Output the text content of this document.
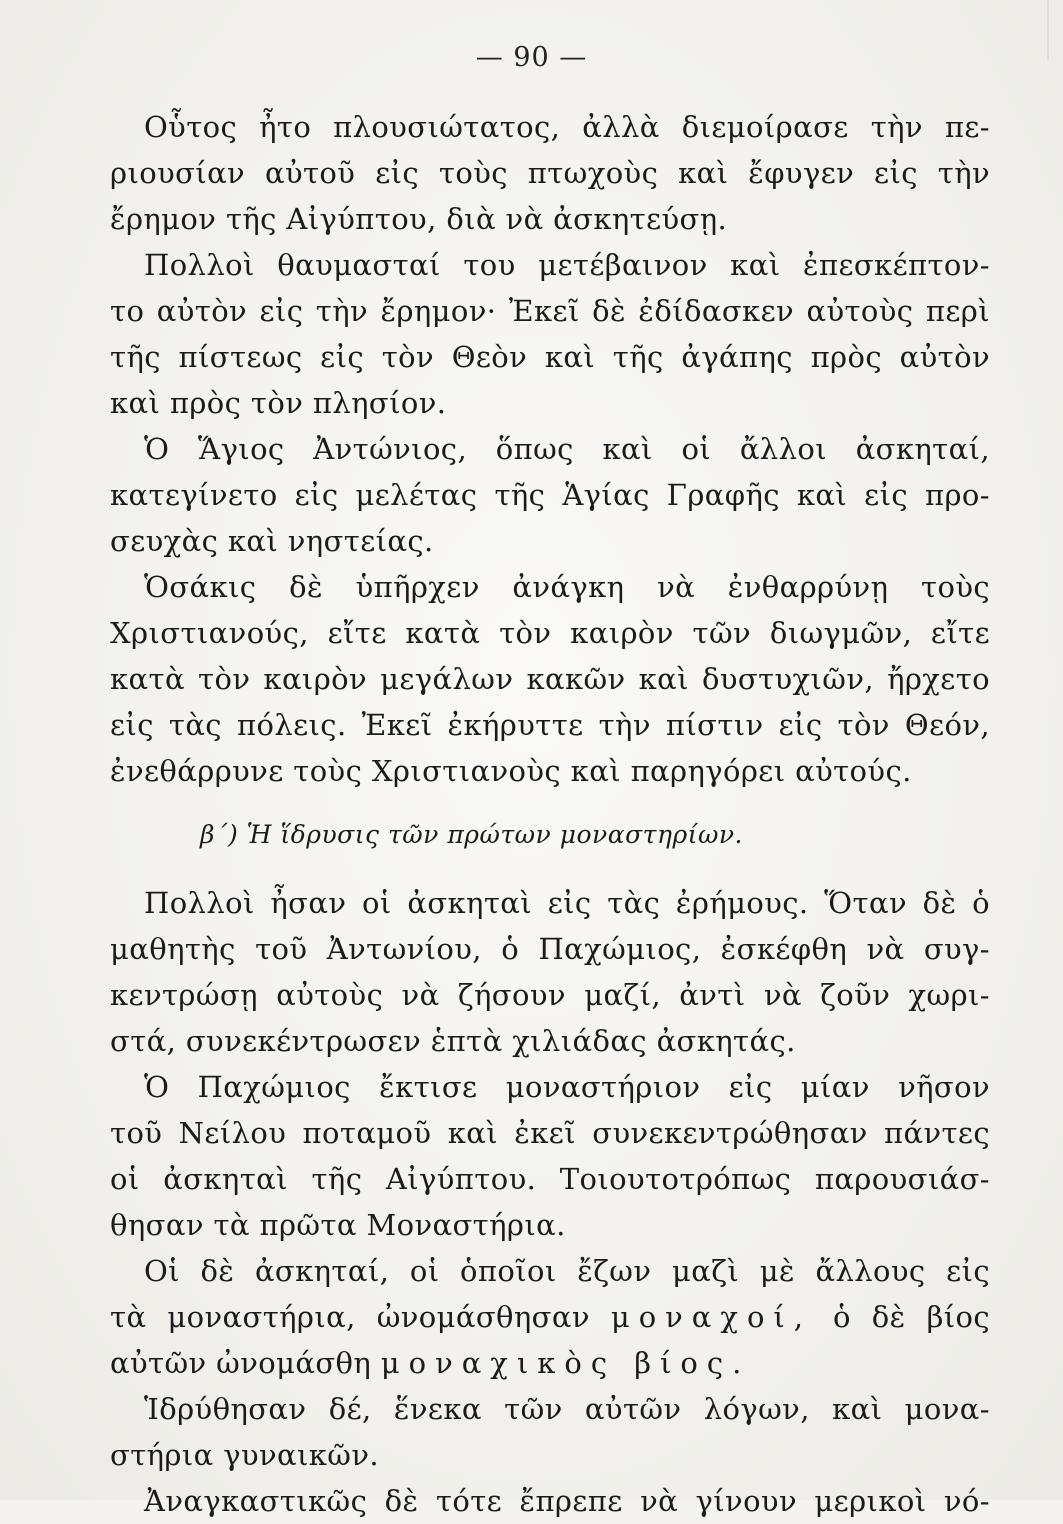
— 90 —
Οὗτος ἦτο πλουσιώτατος, ἀλλὰ διεμοίρασε τὴν πε-
ριουσίαν αὐτοῦ εἰς τοὺς πτωχοὺς καὶ ἔφυγεν εἰς τὴν
ἔρημον τῆς Αἰγύπτου, διὰ νὰ ἀσκητεύσῃ.
Πολλοὶ θαυμασταί του μετέβαινον καὶ ἐπεσκέπτον-
το αὐτὸν εἰς τὴν ἔρημον· Ἐκεῖ δὲ ἐδίδασκεν αὐτοὺς περὶ
τῆς πίστεως εἰς τὸν Θεὸν καὶ τῆς ἀγάπης πρὸς αὐτὸν
καὶ πρὸς τὸν πλησίον.
Ὁ Ἅγιος Ἀντώνιος, ὅπως καὶ οἱ ἄλλοι ἀσκηταί,
κατεγίνετο εἰς μελέτας τῆς Ἁγίας Γραφῆς καὶ εἰς προ-
σευχὰς καὶ νηστείας.
Ὁσάκις δὲ ὑπῆρχεν ἀνάγκη νὰ ἐνθαρρύνῃ τοὺς
Χριστιανούς, εἴτε κατὰ τὸν καιρὸν τῶν διωγμῶν, εἴτε
κατὰ τὸν καιρὸν μεγάλων κακῶν καὶ δυστυχιῶν, ἤρχετο
εἰς τὰς πόλεις. Ἐκεῖ ἐκήρυττε τὴν πίστιν εἰς τὸν Θεόν,
ἐνεθάρρυνε τοὺς Χριστιανοὺς καὶ παρηγόρει αὐτούς.
β΄) Ἡ ἵδρυσις τῶν πρώτων μοναστηρίων.
Πολλοὶ ἦσαν οἱ ἀσκηταὶ εἰς τὰς ἐρήμους. Ὅταν δὲ ὁ
μαθητὴς τοῦ Ἀντωνίου, ὁ Παχώμιος, ἐσκέφθη νὰ συγ-
κεντρώσῃ αὐτοὺς νὰ ζήσουν μαζί, ἀντὶ νὰ ζοῦν χωρι-
στά, συνεκέντρωσεν ἑπτὰ χιλιάδας ἀσκητάς.
Ὁ Παχώμιος ἔκτισε μοναστήριον εἰς μίαν νῆσον
τοῦ Νείλου ποταμοῦ καὶ ἐκεῖ συνεκεντρώθησαν πάντες
οἱ ἀσκηταὶ τῆς Αἰγύπτου. Τοιουτοτρόπως παρουσιάσ-
θησαν τὰ πρῶτα Μοναστήρια.
Οἱ δὲ ἀσκηταί, οἱ ὁποῖοι ἔζων μαζὶ μὲ ἄλλους εἰς
τὰ μοναστήρια, ὠνομάσθησαν μοναχοί, ὁ δὲ βίος
αὐτῶν ὠνομάσθη μοναχικὸς βίος.
Ἱδρύθησαν δέ, ἕνεκα τῶν αὐτῶν λόγων, καὶ μονα-
στήρια γυναικῶν.
Ἀναγκαστικῶς δὲ τότε ἔπρεπε νὰ γίνουν μερικοὶ νό-
